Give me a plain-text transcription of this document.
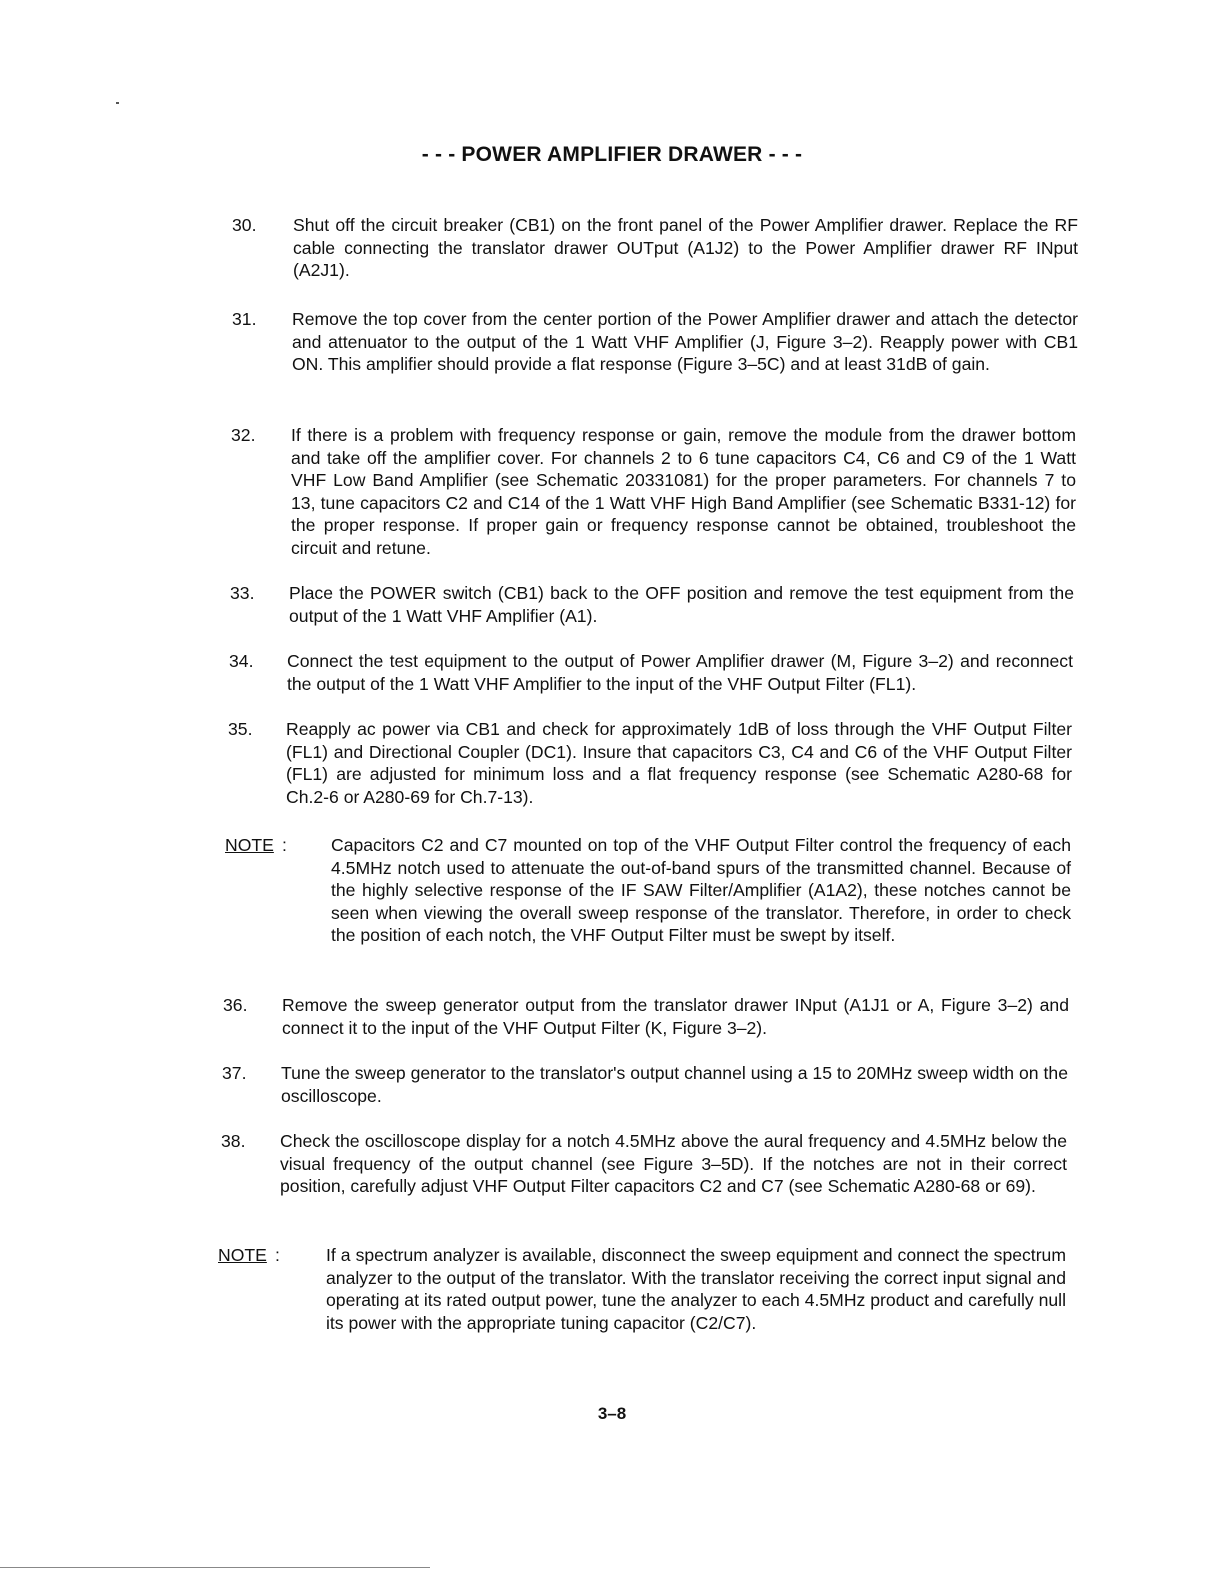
- - - POWER AMPLIFIER DRAWER - - -
30. Shut off the circuit breaker (CB1) on the front panel of the Power Amplifier drawer. Replace the RF cable connecting the translator drawer OUTput (A1J2) to the Power Amplifier drawer RF INput (A2J1).
31. Remove the top cover from the center portion of the Power Amplifier drawer and attach the detector and attenuator to the output of the 1 Watt VHF Amplifier (J, Figure 3–2). Reapply power with CB1 ON. This amplifier should provide a flat response (Figure 3–5C) and at least 31dB of gain.
32. If there is a problem with frequency response or gain, remove the module from the drawer bottom and take off the amplifier cover. For channels 2 to 6 tune capacitors C4, C6 and C9 of the 1 Watt VHF Low Band Amplifier (see Schematic 20331081) for the proper parameters. For channels 7 to 13, tune capacitors C2 and C14 of the 1 Watt VHF High Band Amplifier (see Schematic B331-12) for the proper response. If proper gain or frequency response cannot be obtained, troubleshoot the circuit and retune.
33. Place the POWER switch (CB1) back to the OFF position and remove the test equipment from the output of the 1 Watt VHF Amplifier (A1).
34. Connect the test equipment to the output of Power Amplifier drawer (M, Figure 3–2) and reconnect the output of the 1 Watt VHF Amplifier to the input of the VHF Output Filter (FL1).
35. Reapply ac power via CB1 and check for approximately 1dB of loss through the VHF Output Filter (FL1) and Directional Coupler (DC1). Insure that capacitors C3, C4 and C6 of the VHF Output Filter (FL1) are adjusted for minimum loss and a flat frequency response (see Schematic A280-68 for Ch.2-6 or A280-69 for Ch.7-13).
NOTE :	Capacitors C2 and C7 mounted on top of the VHF Output Filter control the frequency of each 4.5MHz notch used to attenuate the out-of-band spurs of the transmitted channel. Because of the highly selective response of the IF SAW Filter/Amplifier (A1A2), these notches cannot be seen when viewing the overall sweep response of the translator. Therefore, in order to check the position of each notch, the VHF Output Filter must be swept by itself.
36. Remove the sweep generator output from the translator drawer INput (A1J1 or A, Figure 3–2) and connect it to the input of the VHF Output Filter (K, Figure 3–2).
37. Tune the sweep generator to the translator's output channel using a 15 to 20MHz sweep width on the oscilloscope.
38. Check the oscilloscope display for a notch 4.5MHz above the aural frequency and 4.5MHz below the visual frequency of the output channel (see Figure 3–5D). If the notches are not in their correct position, carefully adjust VHF Output Filter capacitors C2 and C7 (see Schematic A280-68 or 69).
NOTE :	If a spectrum analyzer is available, disconnect the sweep equipment and connect the spectrum analyzer to the output of the translator. With the translator receiving the correct input signal and operating at its rated output power, tune the analyzer to each 4.5MHz product and carefully null its power with the appropriate tuning capacitor (C2/C7).
3–8
